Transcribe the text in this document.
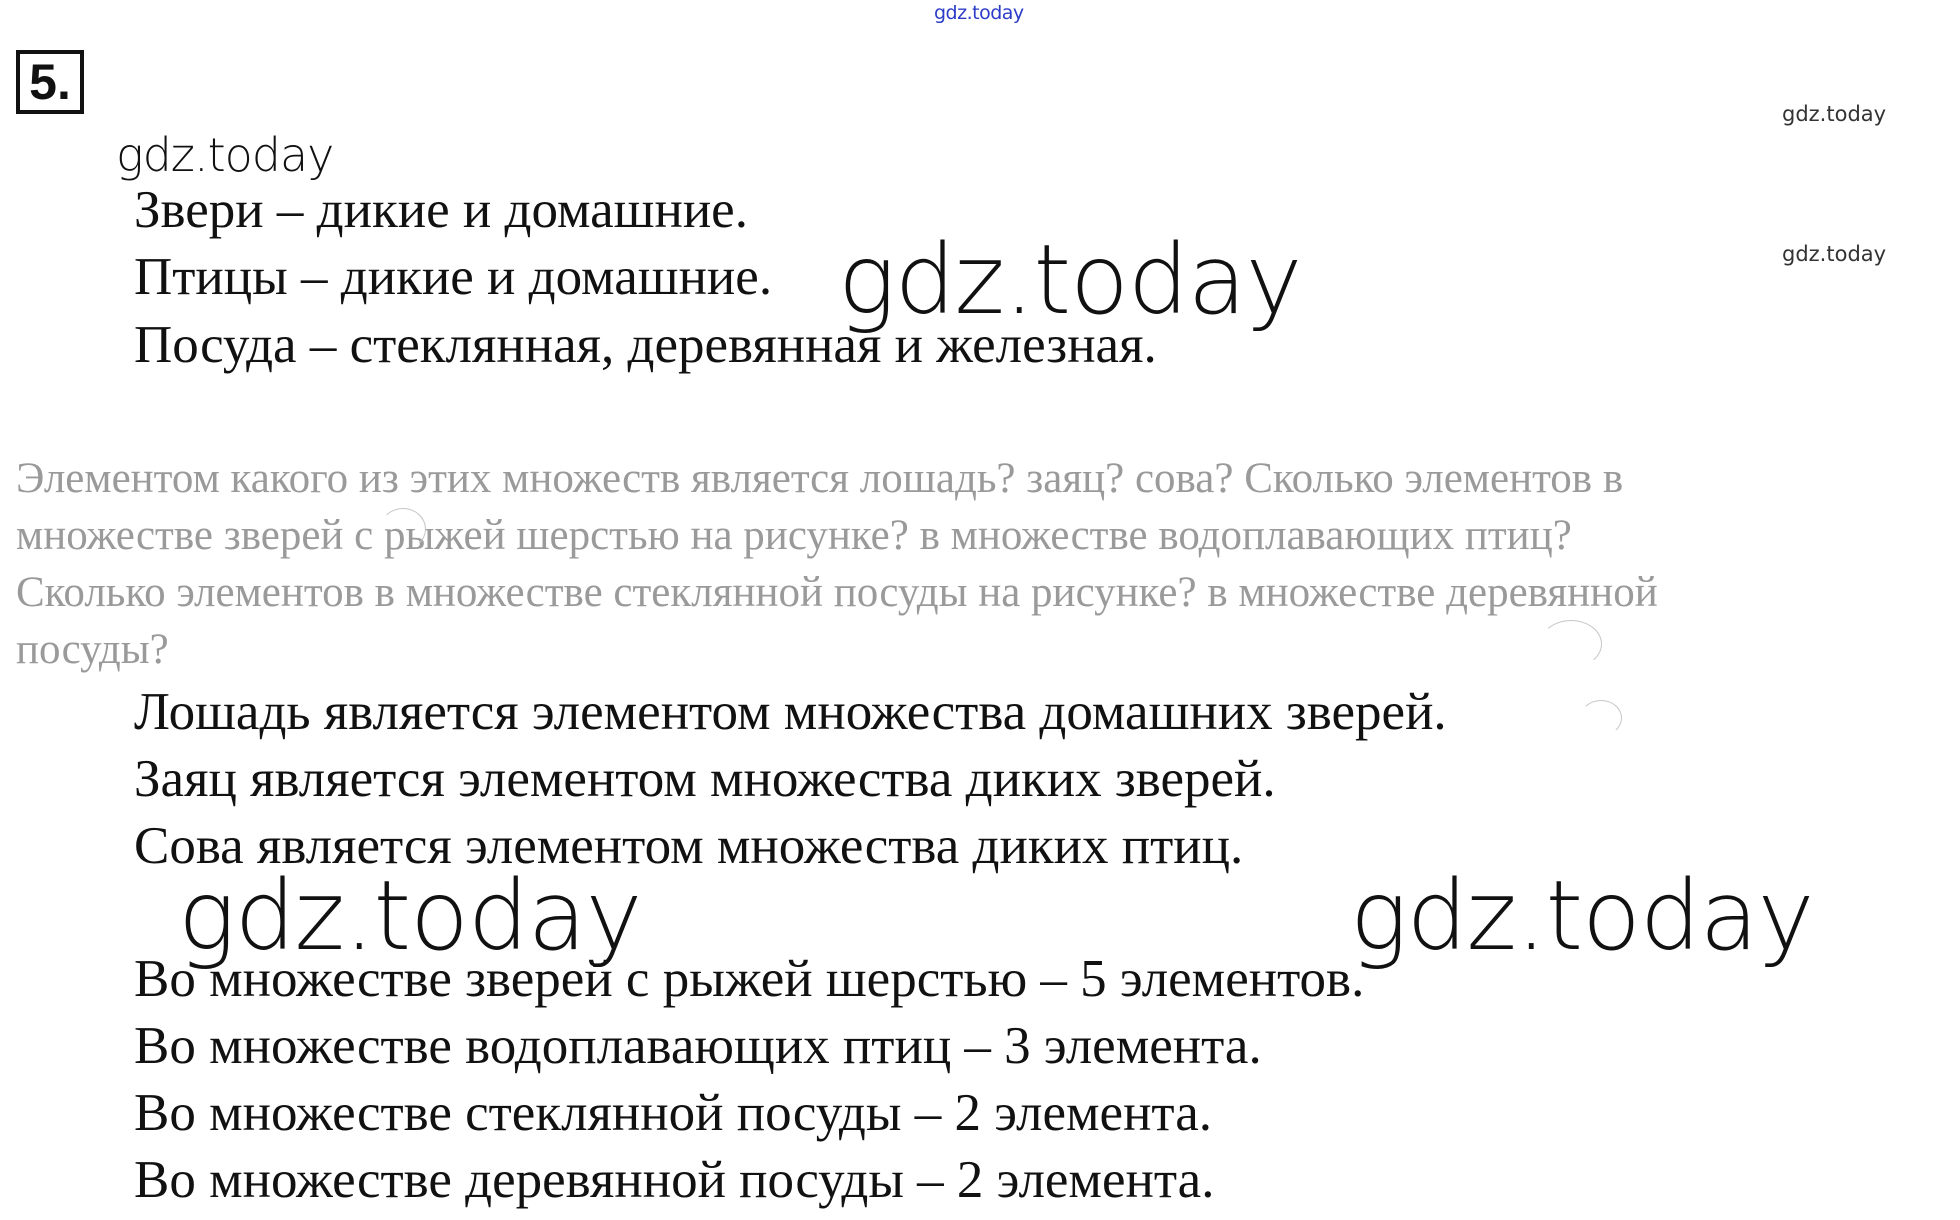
gdz.today
gdz.today
gdz.today
5.
Звери – дикие и домашние.
Птицы – дикие и домашние.
Посуда – стеклянная, деревянная и железная.
Элементом какого из этих множеств является лошадь? заяц? сова? Сколько элементов в
множестве зверей с рыжей шерстью на рисунке? в множестве водоплавающих птиц?
Сколько элементов в множестве стеклянной посуды на рисунке? в множестве деревянной
посуды?
Лошадь является элементом множества домашних зверей.
Заяц является элементом множества диких зверей.
Сова является элементом множества диких птиц.
Во множестве зверей с рыжей шерстью – 5 элементов.
Во множестве водоплавающих птиц – 3 элемента.
Во множестве стеклянной посуды – 2 элемента.
Во множестве деревянной посуды – 2 элемента.
gdz.today
gdz.today
gdz.today	gdz.today
